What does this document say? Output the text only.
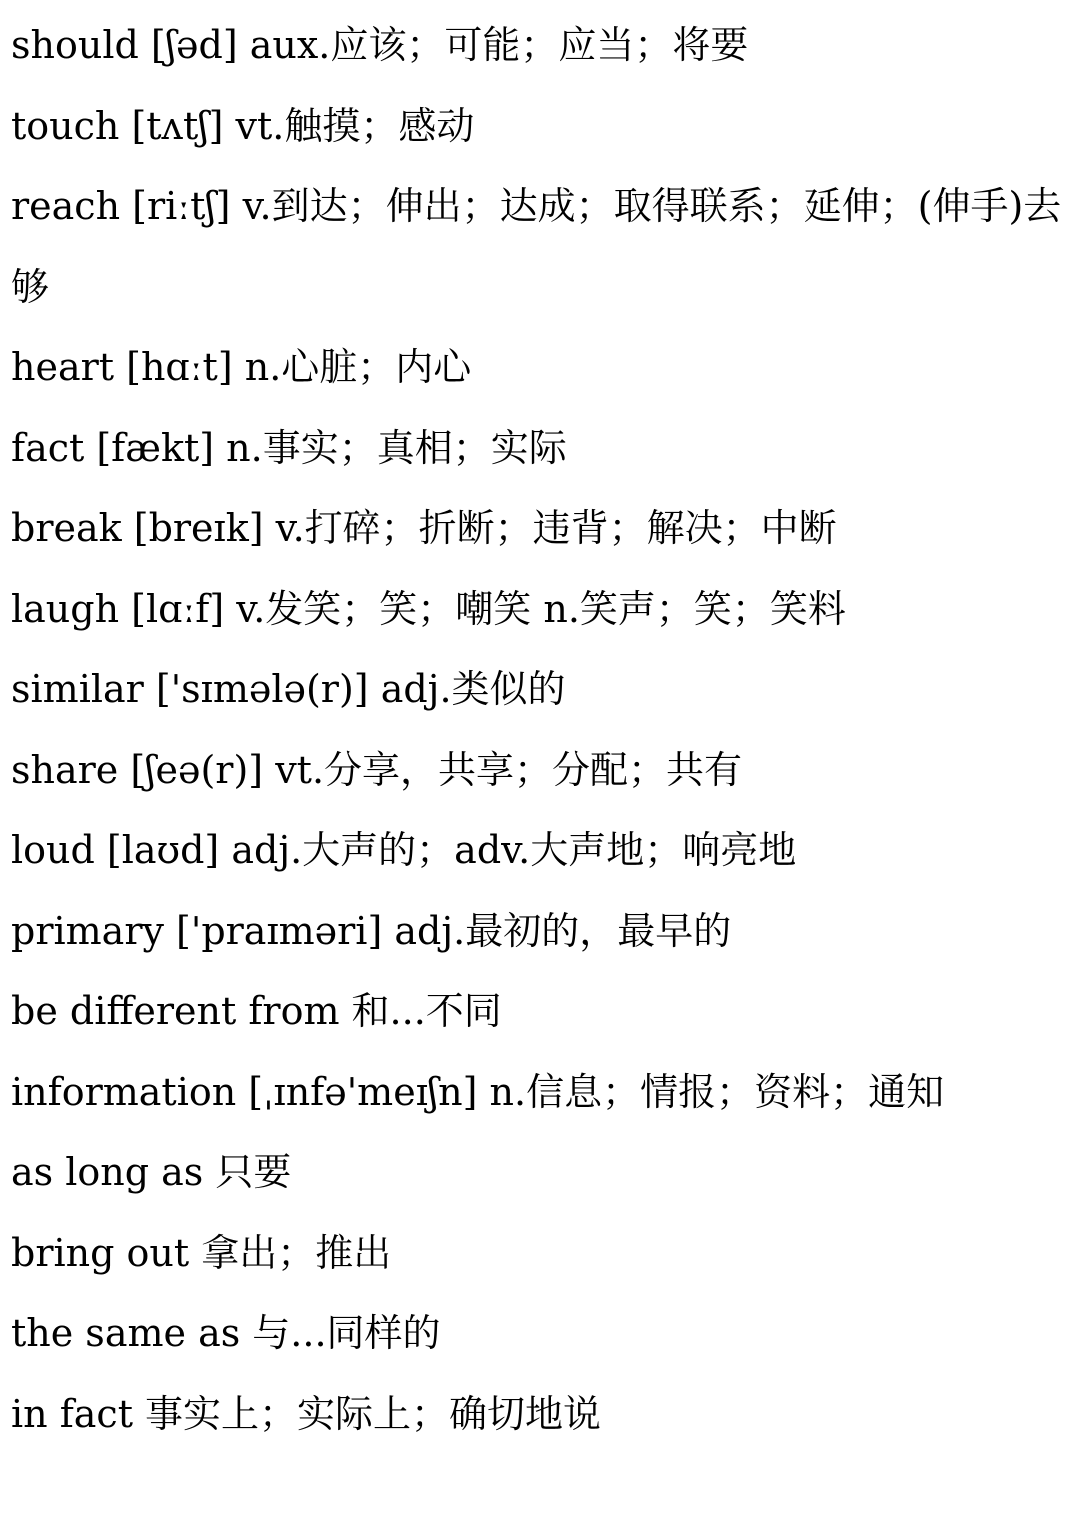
should [ʃəd] aux.应该；可能；应当；将要
touch [tʌtʃ] vt.触摸；感动
reach [riːtʃ] v.到达；伸出；达成；取得联系；延伸；(伸手)去
够
heart [hɑːt] n.心脏；内心
fact [fækt] n.事实；真相；实际
break [breɪk] v.打碎；折断；违背；解决；中断
laugh [lɑːf] v.发笑；笑；嘲笑 n.笑声；笑；笑料
similar ['sɪmələ(r)] adj.类似的
share [ʃeə(r)] vt.分享，共享；分配；共有
loud [laʊd] adj.大声的；adv.大声地；响亮地
primary ['praɪməri] adj.最初的，最早的
be different from 和...不同
information [ˌɪnfə'meɪʃn] n.信息；情报；资料；通知
as long as 只要
bring out 拿出；推出
the same as 与...同样的
in fact 事实上；实际上；确切地说
